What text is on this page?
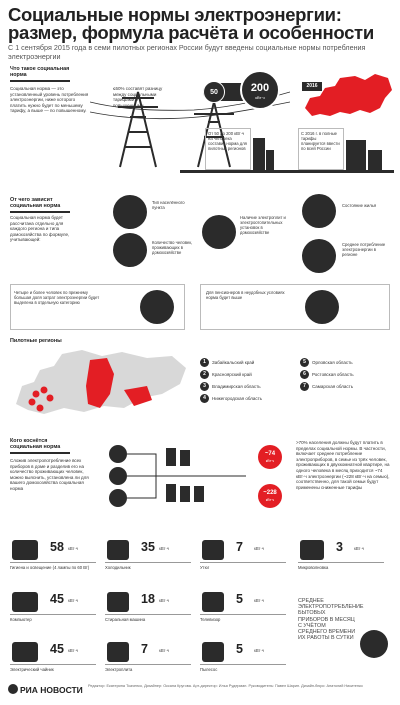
Социальные нормы электроэнергии: размер, формула расчёта и особенности
С 1 сентября 2015 года в семи пилотных регионах России будут введены социальные нормы потребления электроэнергии
Что такое социальная норма
Социальная норма — это установленный уровень потребления электроэнергии, ниже которого платить нужно будет по меньшему тарифу, а выше — по повышенному.
≤60% составят разницу между социальными тарифами и повышенными
50	200
кВт·ч
2016
От 50 до 200 кВт·ч на человека составит норма для пилотных регионов
С 2016 г. в полные тарифы планируется ввести по всей России
От чего зависит социальная норма
Социальная норма будет рассчитана отдельно для каждого региона и типа домохозяйства по формуле, учитывающей:
Тип населённого пункта
Наличие электроплит и электроотопительных установок в домохозяйстве
Состояние жилья
Количество человек, проживающих в домохозяйстве
Среднее потребление электроэнергии в регионе
Четыре и более человек по прежнему большая доля затрат электроэнергии будет выделена в отдельную категорию
Для пенсионеров в неудобных условиях норма будет выше
Пилотные регионы
1	Забайкальский край
2	Красноярский край
3	Владимирская область
4	Нижегородская область
5	Орловская область
6	Ростовская область
7	Самарская область
Кого коснётся социальная норма
Сложив электропотребление всех приборов в доме и разделив его на количество проживающих человек, можно выяснить, установлена ли для вашего домохозяйства социальная норма
~74
кВт·ч
~228
кВт·ч
>70% населения должны будут платить в пределах социальной нормы. В частности, включает среднее потребление электроприборов, в семье из трёх человек, проживающих в двухкомнатной квартире, на одного человека в месяц приходится ~74 кВт·ч электроэнергии (~228 кВт·ч на семью), соответственно, для такой семьи будут применены сниженные тарифы
58 кВт·ч
Гигиена и освещение (4 лампы по 60 Вт)
35 кВт·ч
Холодильник
7	кВт·ч
Утюг
3	кВт·ч
Микроволновка
45 кВт·ч
Компьютер
18 кВт·ч
Стиральная машина
5	кВт·ч
Телевизор
45 кВт·ч
Электрический чайник
7	кВт·ч
Электроплита
5	кВт·ч
Пылесос
СРЕДНЕЕ ЭЛЕКТРОПОТРЕБЛЕНИЕ БЫТОВЫХ ПРИБОРОВ В МЕСЯЦ С УЧЁТОМ СРЕДНЕГО ВРЕМЕНИ ИХ РАБОТЫ В СУТКИ
РИА НОВОСТИ Редактор: Екатерина Ткаченко, Дизайнер: Оксана Кругова. Арт-директор: Илья Рудерман. Руководитель: Павел Шарин. Дизайн-бюро: Анатолий Никитенко
